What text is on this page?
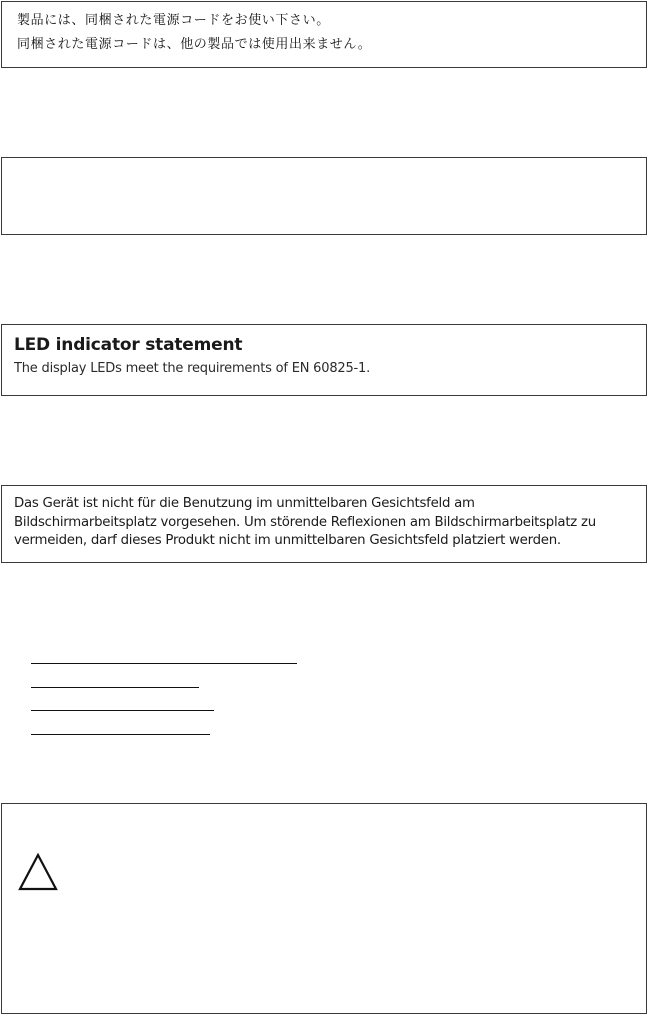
製品には、同梱された電源コードをお使い下さい。
同梱された電源コードは、他の製品では使用出来ません。
LED indicator statement
The display LEDs meet the requirements of EN 60825-1.
Das Gerät ist nicht für die Benutzung im unmittelbaren Gesichtsfeld am
Bildschirmarbeitsplatz vorgesehen. Um störende Reflexionen am Bildschirmarbeitsplatz zu
vermeiden, darf dieses Produkt nicht im unmittelbaren Gesichtsfeld platziert werden.
